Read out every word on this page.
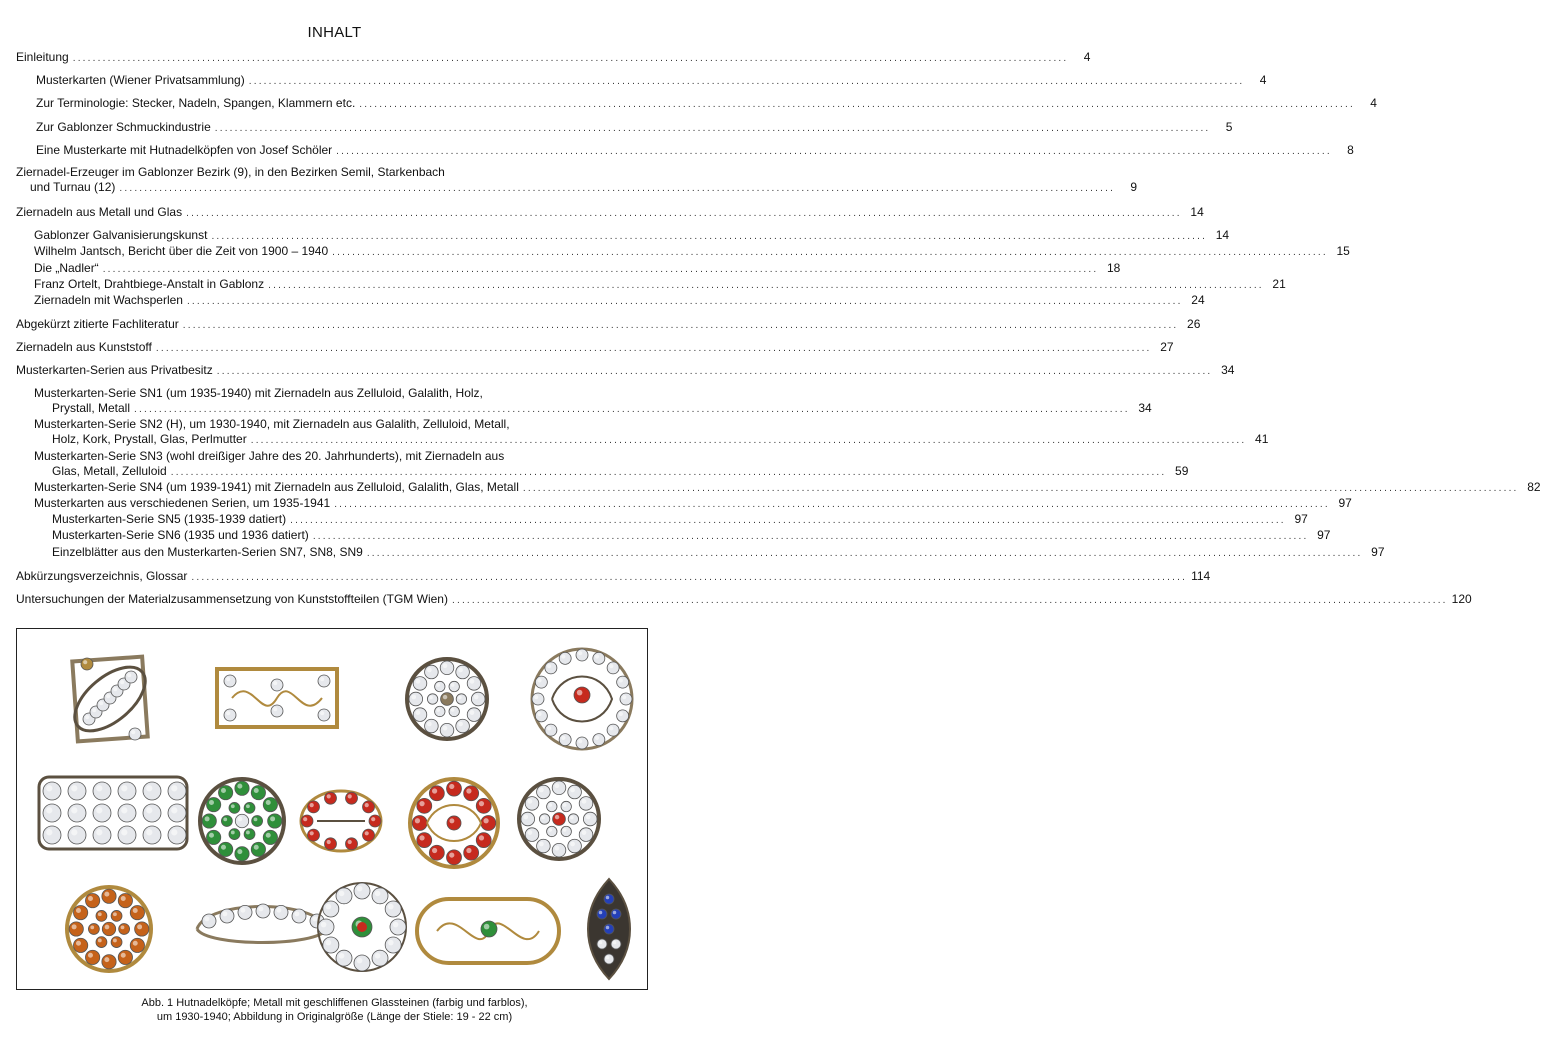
INHALT
Einleitung ........................................................................................................................................................................................................	4
Musterkarten (Wiener Privatsammlung) ........................................................................................................................................................................................................	4
Zur Terminologie: Stecker, Nadeln, Spangen, Klammern etc. ........................................................................................................................................................................................................	4
Zur Gablonzer Schmuckindustrie ........................................................................................................................................................................................................	5
Eine Musterkarte mit Hutnadelköpfen von Josef Schöler ........................................................................................................................................................................................................	8
Ziernadel-Erzeuger im Gablonzer Bezirk (9), in den Bezirken Semil, Starkenbach
und Turnau (12) ........................................................................................................................................................................................................	9
Ziernadeln aus Metall und Glas ........................................................................................................................................................................................................ 14
Gablonzer Galvanisierungskunst ........................................................................................................................................................................................................ 14
Wilhelm Jantsch, Bericht über die Zeit von 1900 – 1940 ........................................................................................................................................................................................................ 15
Die „Nadler“ ........................................................................................................................................................................................................ 18
Franz Ortelt, Drahtbiege-Anstalt in Gablonz ........................................................................................................................................................................................................ 21
Ziernadeln mit Wachsperlen ........................................................................................................................................................................................................ 24
Abgekürzt zitierte Fachliteratur ........................................................................................................................................................................................................ 26
Ziernadeln aus Kunststoff ........................................................................................................................................................................................................ 27
Musterkarten-Serien aus Privatbesitz ........................................................................................................................................................................................................ 34
Musterkarten-Serie SN1 (um 1935-1940) mit Ziernadeln aus Zelluloid, Galalith, Holz,
Prystall, Metall ........................................................................................................................................................................................................ 34
Musterkarten-Serie SN2 (H), um 1930-1940, mit Ziernadeln aus Galalith, Zelluloid, Metall,
Holz, Kork, Prystall, Glas, Perlmutter ........................................................................................................................................................................................................ 41
Musterkarten-Serie SN3 (wohl dreißiger Jahre des 20. Jahrhunderts), mit Ziernadeln aus
Glas, Metall, Zelluloid ........................................................................................................................................................................................................ 59
Musterkarten-Serie SN4 (um 1939-1941) mit Ziernadeln aus Zelluloid, Galalith, Glas, Metall ........................................................................................................................................................................................................ 82
Musterkarten aus verschiedenen Serien, um 1935-1941 ........................................................................................................................................................................................................ 97
Musterkarten-Serie SN5 (1935-1939 datiert) ........................................................................................................................................................................................................ 97
Musterkarten-Serie SN6 (1935 und 1936 datiert) ........................................................................................................................................................................................................ 97
Einzelblätter aus den Musterkarten-Serien SN7, SN8, SN9 ........................................................................................................................................................................................................ 97
Abkürzungsverzeichnis, Glossar ........................................................................................................................................................................................................ 114
Untersuchungen der Materialzusammensetzung von Kunststoffteilen (TGM Wien) ........................................................................................................................................................................................................ 120
Abb. 1 Hutnadelköpfe; Metall mit geschliffenen Glassteinen (farbig und farblos),
um 1930-1940; Abbildung in Originalgröße (Länge der Stiele: 19 - 22 cm)
